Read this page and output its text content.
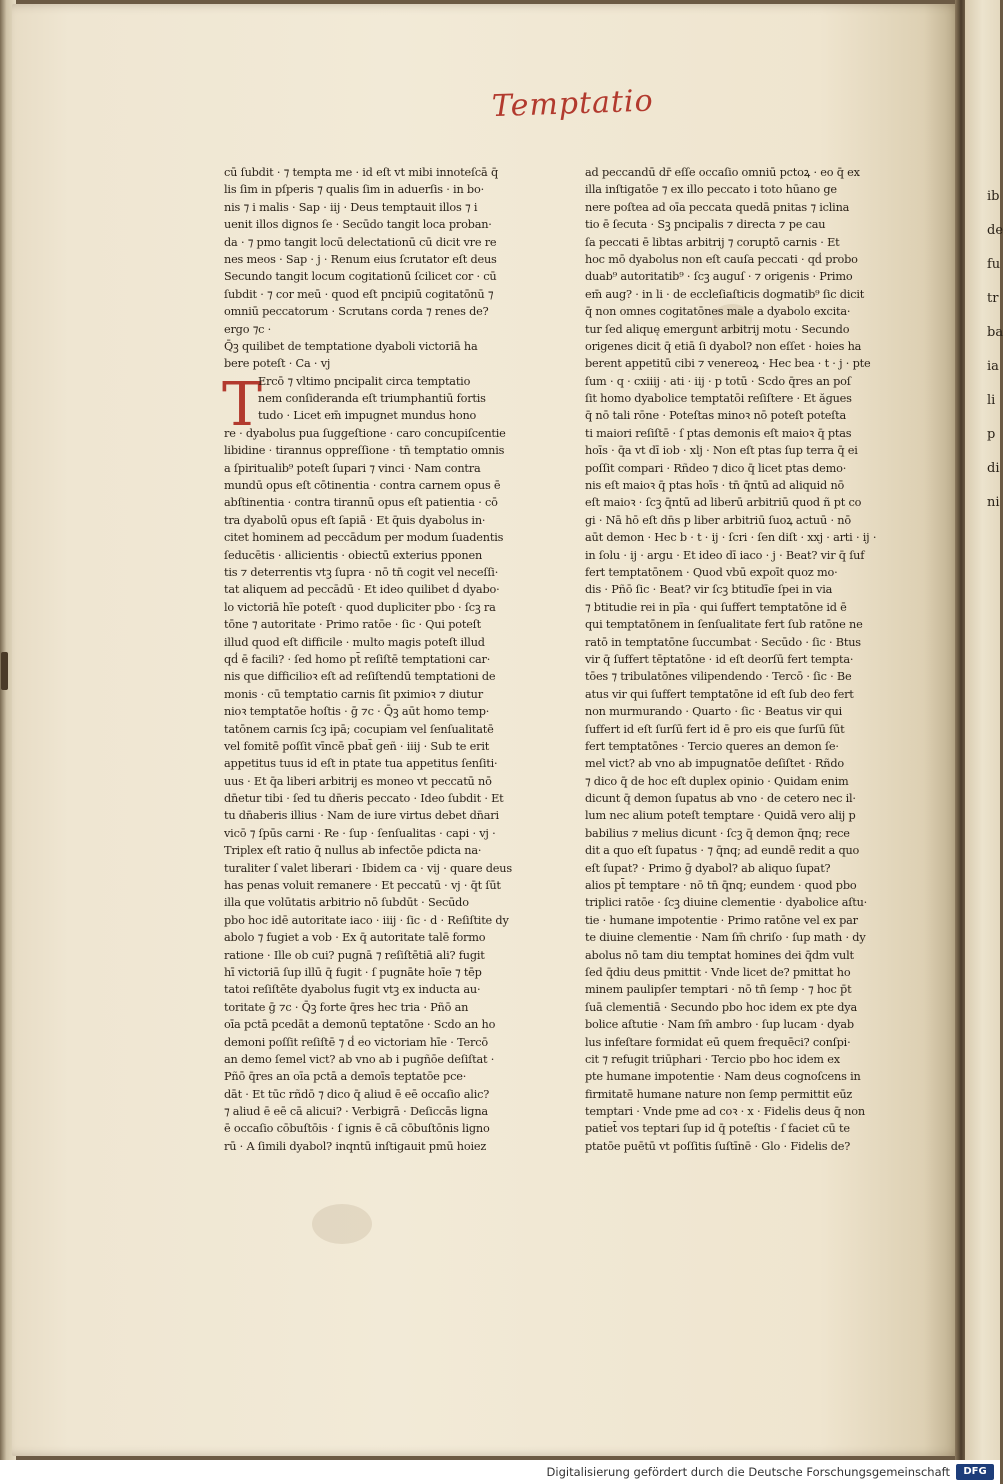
ib
de
fu
tr
ba
ia
li
p
di
ni
Temptatio
T
cū ſubdit · ⁊ tempta me · id eſt vt mibi innoteſcā q̄
lis ſim in pſperis ⁊ qualis ſim in aduerſis · in bo·
nis ⁊ i malis · Sap · iij · Deus temptauit illos ⁊ i
uenit illos dignos ſe · Secūdo tangit loca proban·
da · ⁊ pmo tangit locū delectationū cū dicit vre re
nes meos · Sap · j · Renum eius ſcrutator eſt deus
Secundo tangit locum cogitationū ſcilicet cor · cū
ſubdit · ⁊ cor meū · quod eſt pncipiū cogitatōnū ⁊
omniū peccatorum · Scrutans corda ⁊ renes de?
ergo ⁊c ·
Q̄ꝫ quilibet de temptatione dyaboli victoriā ha
bere poteſt · Ca · vj
Ercō ⁊ vltimo pncipalit circa temptatio
nem conſideranda eſt triumphantiū fortis
tudo · Licet em̄ impugnet mundus hono
re · dyabolus pua ſuggeſtione · caro concupiſcentie
libidine · tirannus oppreſſione · tn̄ temptatio omnis
a ſpiritualib⁹ poteſt ſupari ⁊ vinci · Nam contra
mundū opus eſt cōtinentia · contra carnem opus ē
abſtinentia · contra tirannū opus eſt patientia · cō
tra dyabolū opus eſt ſapiā · Et q̄uis dyabolus in·
citet hominem ad peccādum per modum ſuadentis
ſeducētis · allicientis · obiectū exterius pponen
tis ⁊ deterrentis vtꝫ ſupra · nō tn̄ cogit vel neceſſi·
tat aliquem ad peccādū · Et ideo quilibet ḋ dyabo·
lo victoriā hīe poteſt · quod dupliciter pbo · ſcꝫ ra
tōne ⁊ autoritate · Primo ratōe · ſic · Qui poteſt
illud quod eſt difficile · multo magis poteſt illud
qḋ ē facili? · ſed homo pt̄ reſiſtē temptationi car·
nis que difficilioꝛ eſt ad reſiſtendū temptationi de
monis · cū temptatio carnis ſit pximioꝛ ⁊ diutur
nioꝛ temptatōe hoſtis · ḡ ⁊c · Q̄ꝫ aūt homo temp·
tatōnem carnis ſcꝫ ipā; cocupiam vel ſenſualitatē
vel fomitē poſſit vīncē pbat̄ geñ · iiij · Sub te erit
appetitus tuus id eſt in ptate tua appetitus ſenſiti·
uus · Et q̄a liberi arbitrij es moneo vt peccatū nō
dn̄etur tibi · ſed tu dn̄eris peccato · Ideo ſubdit · Et
tu dn̄aberis illius · Nam de iure virtus debet dn̄ari
vicō ⁊ ſpūs carni · Re · ſup · ſenſualitas · capi · vj ·
Triplex eſt ratio q̄ nullus ab infectōe pdicta na·
turaliter ſ valet liberari · Ibidem ca · vij · quare deus
has penas voluit remanere · Et peccatū · vj · q̄t ſūt
illa que volūtatis arbitrio nō ſubdūt · Secūdo
pbo hoc idē autoritate iaco · iiij · ſic · d · Reſiſtite dy
abolo ⁊ fugiet a vob · Ex q̄ autoritate talē formo
ratione · Ille ob cui? pugnā ⁊ reſiſtētiā ali? fugit
hī victoriā ſup illū q̄ fugit · ſ pugnāte hoīe ⁊ tēp
tatoi reſiſtēte dyabolus fugit vtꝫ ex inducta au·
toritate ḡ ⁊c · Q̄ꝫ forte q̄res hec tria · Pñō an
oīa pctā pcedāt a demonū teptatōne · Scdo an ho
demoni poſſit reſiſtē ⁊ ḋ eo victoriam hīe · Tercō
an demo ſemel vict? ab vno ab i pugñōe deſiſtat ·
Pñō q̄res an oīa pctā a demoīs teptatōe pce·
dāt · Et tūc rñdō ⁊ dico q̄ aliud ē eē occaſio alic?
⁊ aliud ē eē cā alicui? · Verbigrā · Deſiccās ligna
ē occaſio cōbuſtōis · ſ ignis ē cā cōbuſtōnis ligno
rū · A ſimili dyabol? inqntū inſtigauit pmū hoiez
ad peccandū dr̄ eſſe occaſio omniū pctoꝝ · eo q̄ ex
illa inſtigatōe ⁊ ex illo peccato i toto hūano ge
nere poſtea ad oīa peccata quedā pnitas ⁊ iclina
tio ē ſecuta · Sꝫ pncipalis ⁊ directa ⁊ pe cau
ſa peccati ē libtas arbitrij ⁊ coruptō carnis · Et
hoc mō dyabolus non eſt cauſa peccati · qḋ probo
duab⁹ autoritatib⁹ · ſcꝫ auguſ · ⁊ origenis · Primo
em̄ aug? · in li · de eccleſiaſticis dogmatib⁹ ſic dicit
q̄ non omnes cogitatōnes male a dyabolo excita·
tur ſed aliquę emergunt arbitrij motu · Secundo
origenes dicit q̄ etiā ſi dyabol? non eſſet · hoies ha
berent appetitū cibi ⁊ venereoꝝ · Hec bea · t · j · pte
ſum · q · cxiiij · ati · iij · p totū · Scdo q̄res an poſ
ſit homo dyabolice temptatōi reſiſtere · Et ăgues
q̄ nō tali rōne · Poteſtas minoꝛ nō poteſt poteſta
ti maiori reſiſtē · ſ ptas demonis eſt maioꝛ q̄ ptas
hoīs · q̄a vt dī iob · xlj · Non eſt ptas ſup terra q̄ ei
poſſit compari · Rñdeo ⁊ dico q̄ licet ptas demo·
nis eſt maioꝛ q̄ ptas hoīs · tn̄ q̄ntū ad aliquid nō
eſt maioꝛ · ſcꝫ q̄ntū ad liberū arbitriū quod ñ pt co
gi · Nā hō eſt dn̄s p liber arbitriū ſuoꝝ actuū · nō
aūt demon · Hec b · t · ij · ſcri · ſen diſt · xxj · arti · ij ·
in ſolu · ij · argu · Et ideo dī iaco · j · Beat? vir q̄ ſuf
fert temptatōnem · Quod vbū expoīt quoz mo·
dis · Pñō ſic · Beat? vir ſcꝫ btitudīe ſpei in via
⁊ btitudie rei in pīa · qui ſuffert temptatōne id ē
qui temptatōnem in ſenſualitate fert ſub ratōne ne
ratō in temptatōne ſuccumbat · Secūdo · ſic · Btus
vir q̄ ſuffert tēptatōne · id eſt deorſū fert tempta·
tōes ⁊ tribulatōnes vilipendendo · Tercō · ſic · Be
atus vir qui ſuffert temptatōne id eſt ſub deo fert
non murmurando · Quarto · ſic · Beatus vir qui
ſuffert id eſt ſurſū fert id ē pro eis que ſurſū ſūt
fert temptatōnes · Tercio queres an demon ſe·
mel vict? ab vno ab impugnatōe deſiſtet · Rñdo
⁊ dico q̄ de hoc eſt duplex opinio · Quidam enim
dicunt q̄ demon ſupatus ab vno · de cetero nec il·
lum nec alium poteſt temptare · Quidā vero alij p
babilius ⁊ melius dicunt · ſcꝫ q̄ demon q̄nq; rece
dit a quo eſt ſupatus · ⁊ q̄nq; ad eundē redit a quo
eſt ſupat? · Primo ḡ dyabol? ab aliquo ſupat?
alios pt̄ temptare · nō tn̄ q̄nq; eundem · quod pbo
triplici ratōe · ſcꝫ diuine clementie · dyabolice aſtu·
tie · humane impotentie · Primo ratōne vel ex par
te diuine clementie · Nam ſm̄ chriſo · ſup math · dy
abolus nō tam diu temptat homines dei q̄dm vult
ſed q̄diu deus pmittit · Vnde licet de? pmittat ho
minem paulipſer temptari · nō tn̄ ſemp · ⁊ hoc p̄t
ſuā clementiā · Secundo pbo hoc idem ex pte dya
bolice aſtutie · Nam ſm̄ ambro · ſup lucam · dyab
lus infeſtare formidat eū quem frequēci? conſpi·
cit ⁊ refugit triūphari · Tercio pbo hoc idem ex
pte humane impotentie · Nam deus cognoſcens in
firmitatē humane nature non ſemp permittit eūz
temptari · Vnde pme ad coꝛ · x · Fidelis deus q̄ non
patiet̄ vos teptari ſup id q̄ poteſtis · ſ faciet cū te
ptatōe puētū vt poſſitis ſuſtīnē · Glo · Fidelis de?
Digitalisierung gefördert durch die Deutsche Forschungsgemeinschaft	DFG
